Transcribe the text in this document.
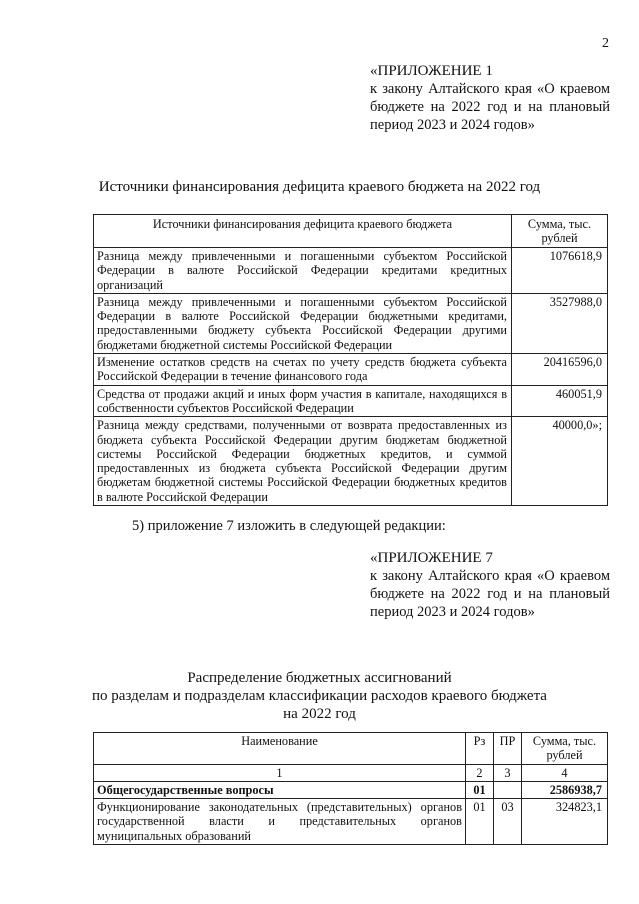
2
«ПРИЛОЖЕНИЕ 1
к закону Алтайского края «О краевом бюджете на 2022 год и на плановый период 2023 и 2024 годов»
Источники финансирования дефицита краевого бюджета на 2022 год
Источники финансирования дефицита краевого бюджета	Сумма, тыс. рублей
Разница между привлеченными и погашенными субъектом Российской Федерации в валюте Российской Федерации кредитами кредитных организаций	1076618,9
Разница между привлеченными и погашенными субъектом Российской Федерации в валюте Российской Федерации бюджетными кредитами, предоставленными бюджету субъекта Российской Федерации другими бюджетами бюджетной системы Российской Федерации	3527988,0
Изменение остатков средств на счетах по учету средств бюджета субъекта Российской Федерации в течение финансового года	20416596,0
Средства от продажи акций и иных форм участия в капитале, находящихся в собственности субъектов Российской Федерации	460051,9
Разница между средствами, полученными от возврата предоставленных из бюджета субъекта Российской Федерации другим бюджетам бюджетной системы Российской Федерации бюджетных кредитов, и суммой предоставленных из бюджета субъекта Российской Федерации другим бюджетам бюджетной системы Российской Федерации бюджетных кредитов в валюте Российской Федерации	40000,0»;
5) приложение 7 изложить в следующей редакции:
«ПРИЛОЖЕНИЕ 7
к закону Алтайского края «О краевом бюджете на 2022 год и на плановый период 2023 и 2024 годов»
Распределение бюджетных ассигнований
по разделам и подразделам классификации расходов краевого бюджета
на 2022 год
Наименование	Рз	ПР	Сумма, тыс. рублей
1	2	3	4
Общегосударственные вопросы	01		2586938,7
Функционирование законодательных (представительных) органов государственной власти и представительных органов муниципальных образований	01	03	324823,1
